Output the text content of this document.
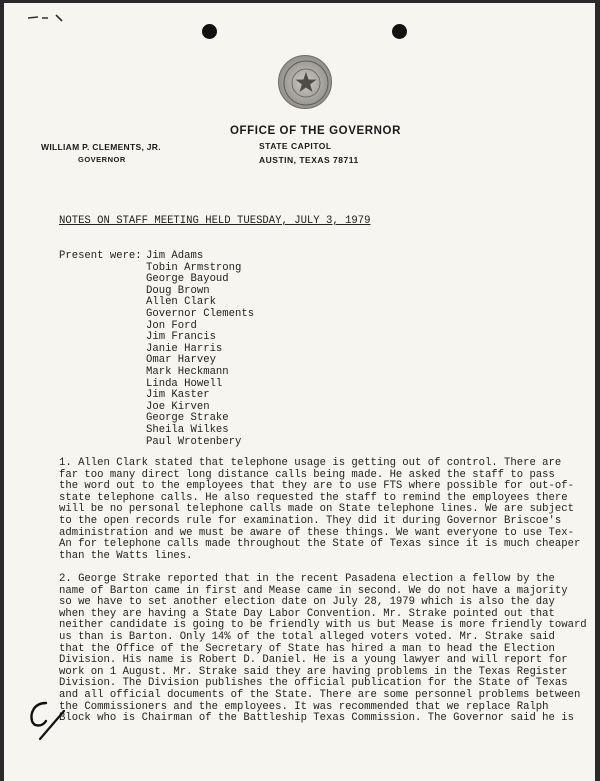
OFFICE OF THE GOVERNOR
STATE CAPITOL
AUSTIN, TEXAS 78711
WILLIAM P. CLEMENTS, JR.
GOVERNOR
NOTES ON STAFF MEETING HELD TUESDAY, JULY 3, 1979
Present were: Jim Adams
Tobin Armstrong
George Bayoud
Doug Brown
Allen Clark
Governor Clements
Jon Ford
Jim Francis
Janie Harris
Omar Harvey
Mark Heckmann
Linda Howell
Jim Kaster
Joe Kirven
George Strake
Sheila Wilkes
Paul Wrotenbery

1. Allen Clark stated that telephone usage is getting out of control. There are
far too many direct long distance calls being made. He asked the staff to pass
the word out to the employees that they are to use FTS where possible for out-of-
state telephone calls. He also requested the staff to remind the employees there
will be no personal telephone calls made on State telephone lines. We are subject
to the open records rule for examination. They did it during Governor Briscoe's
administration and we must be aware of these things. We want everyone to use Tex-
An for telephone calls made throughout the State of Texas since it is much cheaper
than the Watts lines.

2. George Strake reported that in the recent Pasadena election a fellow by the
name of Barton came in first and Mease came in second. We do not have a majority
so we have to set another election date on July 28, 1979 which is also the day
when they are having a State Day Labor Convention. Mr. Strake pointed out that
neither candidate is going to be friendly with us but Mease is more friendly toward
us than is Barton. Only 14% of the total alleged voters voted. Mr. Strake said
that the Office of the Secretary of State has hired a man to head the Election
Division. His name is Robert D. Daniel. He is a young lawyer and will report for
work on 1 August. Mr. Strake said they are having problems in the Texas Register
Division. The Division publishes the official publication for the State of Texas
and all official documents of the State. There are some personnel problems between
the Commissioners and the employees. It was recommended that we replace Ralph
Block who is Chairman of the Battleship Texas Commission. The Governor said he is
